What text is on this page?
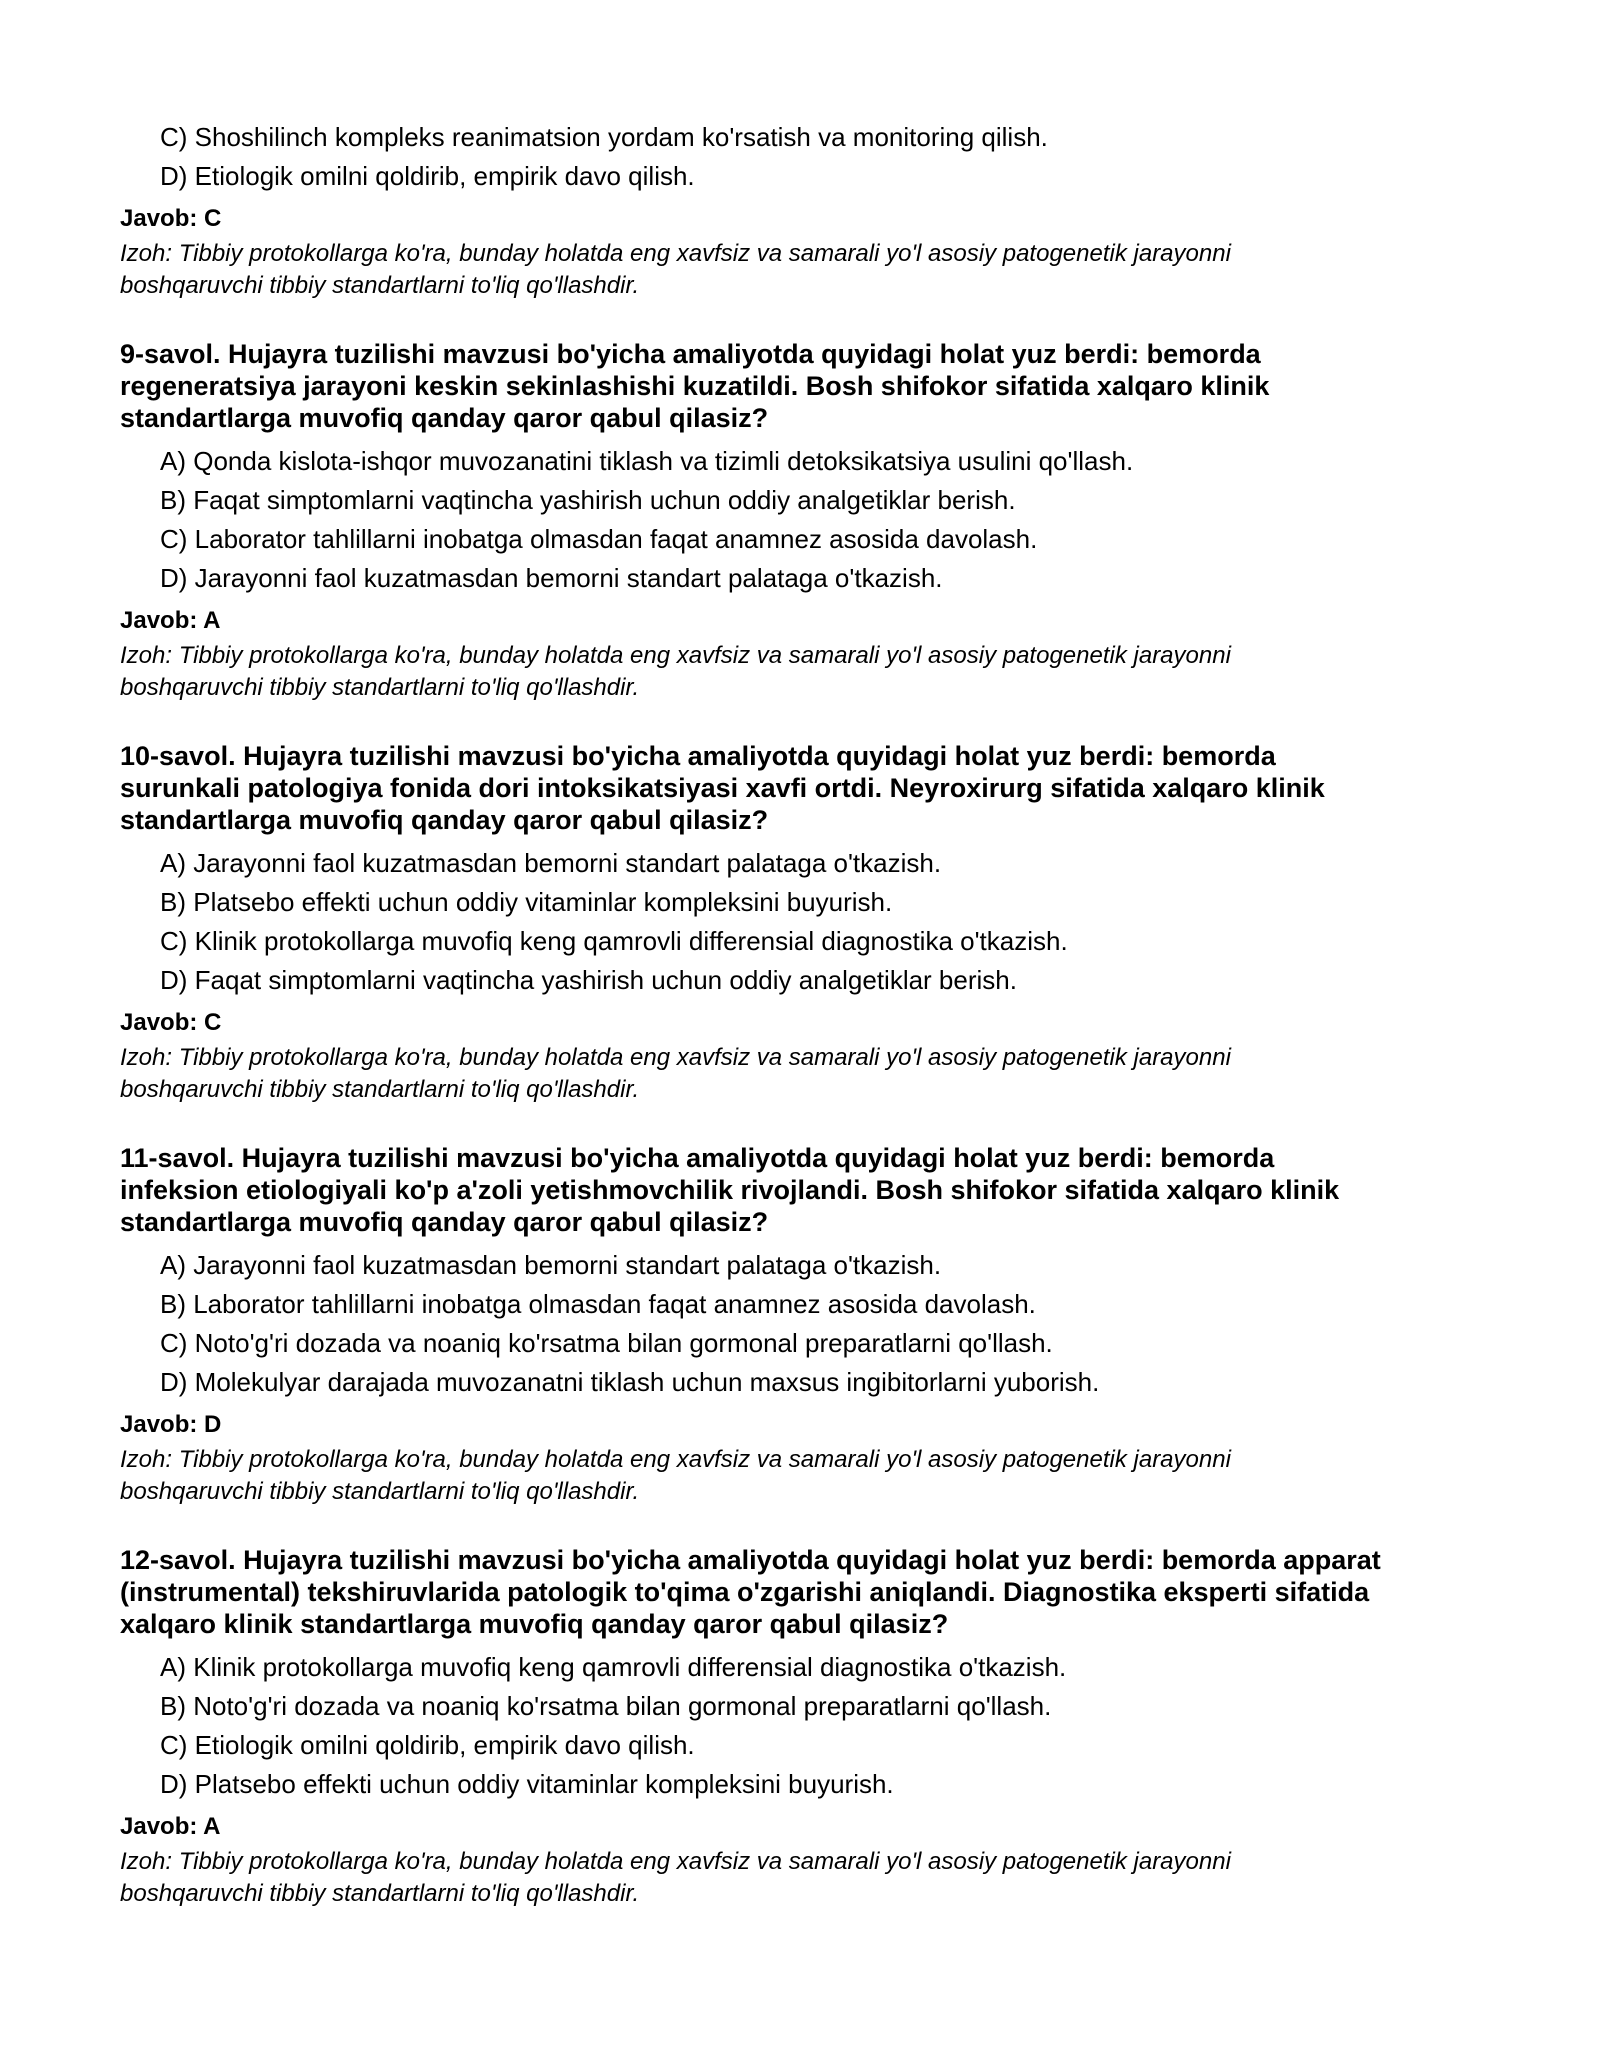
C) Shoshilinch kompleks reanimatsion yordam ko'rsatish va monitoring qilish.
D) Etiologik omilni qoldirib, empirik davo qilish.
Javob: C
Izoh: Tibbiy protokollarga ko'ra, bunday holatda eng xavfsiz va samarali yo'l asosiy patogenetik jarayonni
boshqaruvchi tibbiy standartlarni to'liq qo'llashdir.
9-savol. Hujayra tuzilishi mavzusi bo'yicha amaliyotda quyidagi holat yuz berdi: bemorda
regeneratsiya jarayoni keskin sekinlashishi kuzatildi. Bosh shifokor sifatida xalqaro klinik
standartlarga muvofiq qanday qaror qabul qilasiz?
A) Qonda kislota-ishqor muvozanatini tiklash va tizimli detoksikatsiya usulini qo'llash.
B) Faqat simptomlarni vaqtincha yashirish uchun oddiy analgetiklar berish.
C) Laborator tahlillarni inobatga olmasdan faqat anamnez asosida davolash.
D) Jarayonni faol kuzatmasdan bemorni standart palataga o'tkazish.
Javob: A
Izoh: Tibbiy protokollarga ko'ra, bunday holatda eng xavfsiz va samarali yo'l asosiy patogenetik jarayonni
boshqaruvchi tibbiy standartlarni to'liq qo'llashdir.
10-savol. Hujayra tuzilishi mavzusi bo'yicha amaliyotda quyidagi holat yuz berdi: bemorda
surunkali patologiya fonida dori intoksikatsiyasi xavfi ortdi. Neyroxirurg sifatida xalqaro klinik
standartlarga muvofiq qanday qaror qabul qilasiz?
A) Jarayonni faol kuzatmasdan bemorni standart palataga o'tkazish.
B) Platsebo effekti uchun oddiy vitaminlar kompleksini buyurish.
C) Klinik protokollarga muvofiq keng qamrovli differensial diagnostika o'tkazish.
D) Faqat simptomlarni vaqtincha yashirish uchun oddiy analgetiklar berish.
Javob: C
Izoh: Tibbiy protokollarga ko'ra, bunday holatda eng xavfsiz va samarali yo'l asosiy patogenetik jarayonni
boshqaruvchi tibbiy standartlarni to'liq qo'llashdir.
11-savol. Hujayra tuzilishi mavzusi bo'yicha amaliyotda quyidagi holat yuz berdi: bemorda
infeksion etiologiyali ko'p a'zoli yetishmovchilik rivojlandi. Bosh shifokor sifatida xalqaro klinik
standartlarga muvofiq qanday qaror qabul qilasiz?
A) Jarayonni faol kuzatmasdan bemorni standart palataga o'tkazish.
B) Laborator tahlillarni inobatga olmasdan faqat anamnez asosida davolash.
C) Noto'g'ri dozada va noaniq ko'rsatma bilan gormonal preparatlarni qo'llash.
D) Molekulyar darajada muvozanatni tiklash uchun maxsus ingibitorlarni yuborish.
Javob: D
Izoh: Tibbiy protokollarga ko'ra, bunday holatda eng xavfsiz va samarali yo'l asosiy patogenetik jarayonni
boshqaruvchi tibbiy standartlarni to'liq qo'llashdir.
12-savol. Hujayra tuzilishi mavzusi bo'yicha amaliyotda quyidagi holat yuz berdi: bemorda apparat
(instrumental) tekshiruvlarida patologik to'qima o'zgarishi aniqlandi. Diagnostika eksperti sifatida
xalqaro klinik standartlarga muvofiq qanday qaror qabul qilasiz?
A) Klinik protokollarga muvofiq keng qamrovli differensial diagnostika o'tkazish.
B) Noto'g'ri dozada va noaniq ko'rsatma bilan gormonal preparatlarni qo'llash.
C) Etiologik omilni qoldirib, empirik davo qilish.
D) Platsebo effekti uchun oddiy vitaminlar kompleksini buyurish.
Javob: A
Izoh: Tibbiy protokollarga ko'ra, bunday holatda eng xavfsiz va samarali yo'l asosiy patogenetik jarayonni
boshqaruvchi tibbiy standartlarni to'liq qo'llashdir.
